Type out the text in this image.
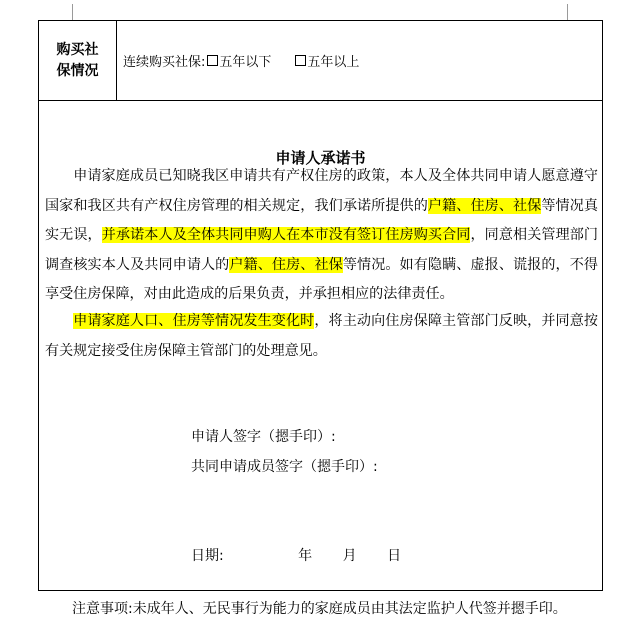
购买社
保情况 连续购买社保: 五年以下	五年以上
申请人承诺书
申请家庭成员已知晓我区申请共有产权住房的政策，本人及全体共同申请人愿意遵守国家和我区共有产权住房管理的相关规定，我们承诺所提供的户籍、住房、社保等情况真实无误，并承诺本人及全体共同申购人在本市没有签订住房购买合同，同意相关管理部门调查核实本人及共同申请人的户籍、住房、社保等情况。如有隐瞒、虚报、谎报的，不得享受住房保障，对由此造成的后果负责，并承担相应的法律责任。
申请家庭人口、住房等情况发生变化时，将主动向住房保障主管部门反映，并同意按有关规定接受住房保障主管部门的处理意见。
申请人签字（摁手印）:
共同申请成员签字（摁手印）:
日期:	年 月 日
注意事项:未成年人、无民事行为能力的家庭成员由其法定监护人代签并摁手印。
